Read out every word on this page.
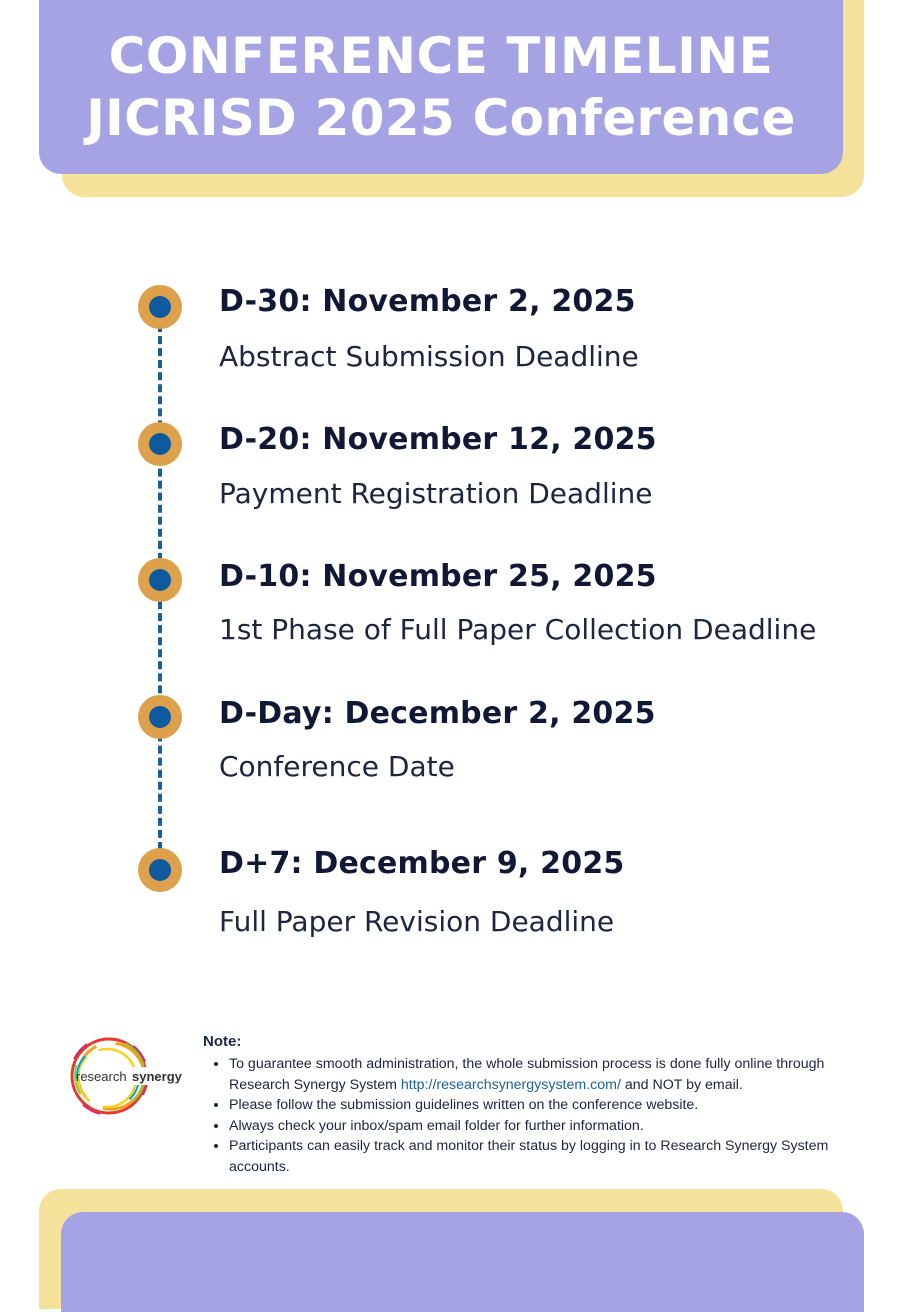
CONFERENCE TIMELINE
JICRISD 2025 Conference
D-30: November 2, 2025
Abstract Submission Deadline
D-20: November 12, 2025
Payment Registration Deadline
D-10: November 25, 2025
1st Phase of Full Paper Collection Deadline
D-Day: December 2, 2025
Conference Date
D+7: December 9, 2025
Full Paper Revision Deadline
research synergy
Note:
• To guarantee smooth administration, the whole submission process is done fully online through Research Synergy System http://researchsynergysystem.com/ and NOT by email.
• Please follow the submission guidelines written on the conference website.
• Always check your inbox/spam email folder for further information.
• Participants can easily track and monitor their status by logging in to Research Synergy System accounts.
